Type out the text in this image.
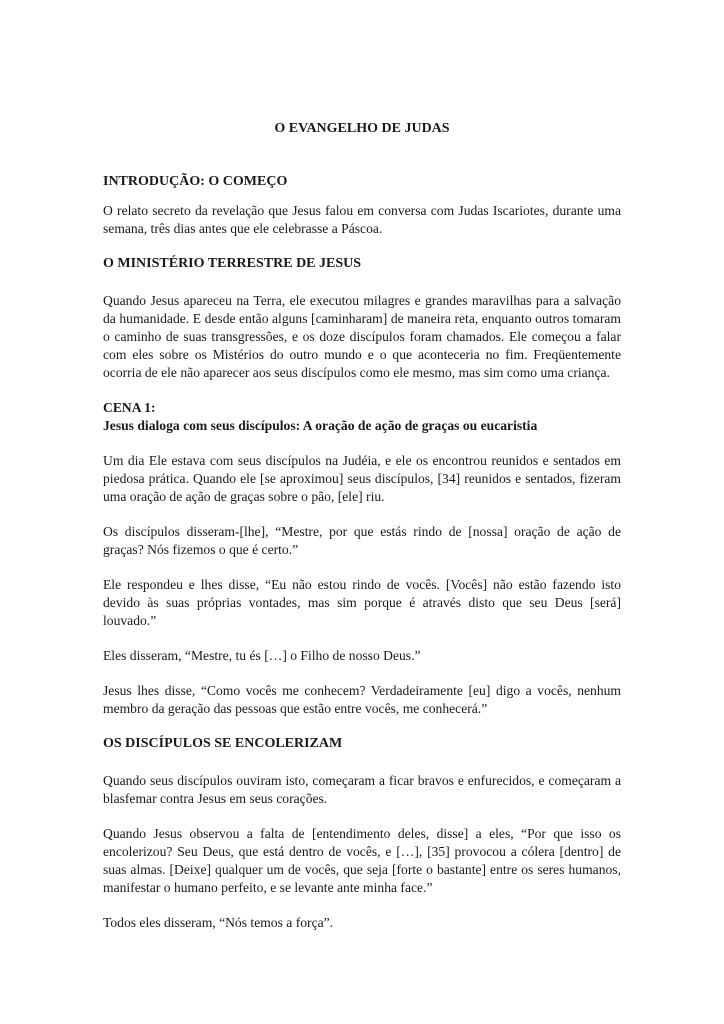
O EVANGELHO DE JUDAS
INTRODUÇÃO: O COMEÇO

O relato secreto da revelação que Jesus falou em conversa com Judas Iscariotes, durante uma semana, três dias antes que ele celebrasse a Páscoa.

O MINISTÉRIO TERRESTRE DE JESUS

Quando Jesus apareceu na Terra, ele executou milagres e grandes maravilhas para a salvação da humanidade. E desde então alguns [caminharam] de maneira reta, enquanto outros tomaram o caminho de suas transgressões, e os doze discípulos foram chamados. Ele começou a falar com eles sobre os Mistérios do outro mundo e o que aconteceria no fim. Freqüentemente ocorria de ele não aparecer aos seus discípulos como ele mesmo, mas sim como uma criança.

CENA 1:

Jesus dialoga com seus discípulos: A oração de ação de graças ou eucaristia

Um dia Ele estava com seus discípulos na Judéia, e ele os encontrou reunidos e sentados em piedosa prática. Quando ele [se aproximou] seus discípulos, [34] reunidos e sentados, fizeram uma oração de ação de graças sobre o pão, [ele] riu.

Os discípulos disseram-[lhe], “Mestre, por que estás rindo de [nossa] oração de ação de graças? Nós fizemos o que é certo.”

Ele respondeu e lhes disse, “Eu não estou rindo de vocês. [Vocês] não estão fazendo isto devido às suas próprias vontades, mas sim porque é através disto que seu Deus [será] louvado.”

Eles disseram, “Mestre, tu és […] o Filho de nosso Deus.”

Jesus lhes disse, “Como vocês me conhecem? Verdadeiramente [eu] digo a vocês, nenhum membro da geração das pessoas que estão entre vocês, me conhecerá.”

OS DISCÍPULOS SE ENCOLERIZAM

Quando seus discípulos ouviram isto, começaram a ficar bravos e enfurecidos, e começaram a blasfemar contra Jesus em seus corações.

Quando Jesus observou a falta de [entendimento deles, disse] a eles, “Por que isso os encolerizou? Seu Deus, que está dentro de vocês, e […], [35] provocou a cólera [dentro] de suas almas. [Deixe] qualquer um de vocês, que seja [forte o bastante] entre os seres humanos, manifestar o humano perfeito, e se levante ante minha face.”

Todos eles disseram, “Nós temos a força”.
